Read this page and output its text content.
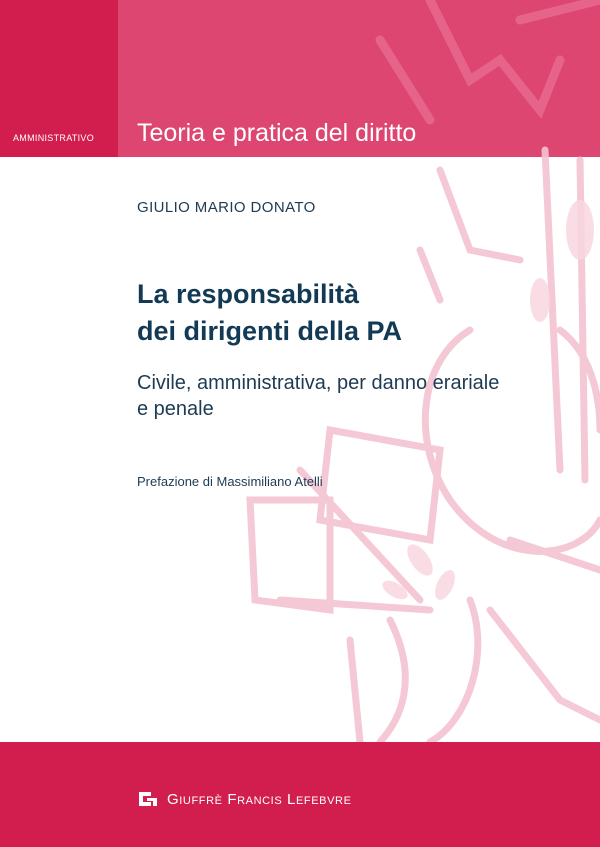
AMMINISTRATIVO Teoria e pratica del diritto
GIULIO MARIO DONATO
La responsabilità
dei dirigenti della PA
Civile, amministrativa, per danno erariale
e penale
Prefazione di Massimiliano Atelli
Giuffrè Francis Lefebvre
